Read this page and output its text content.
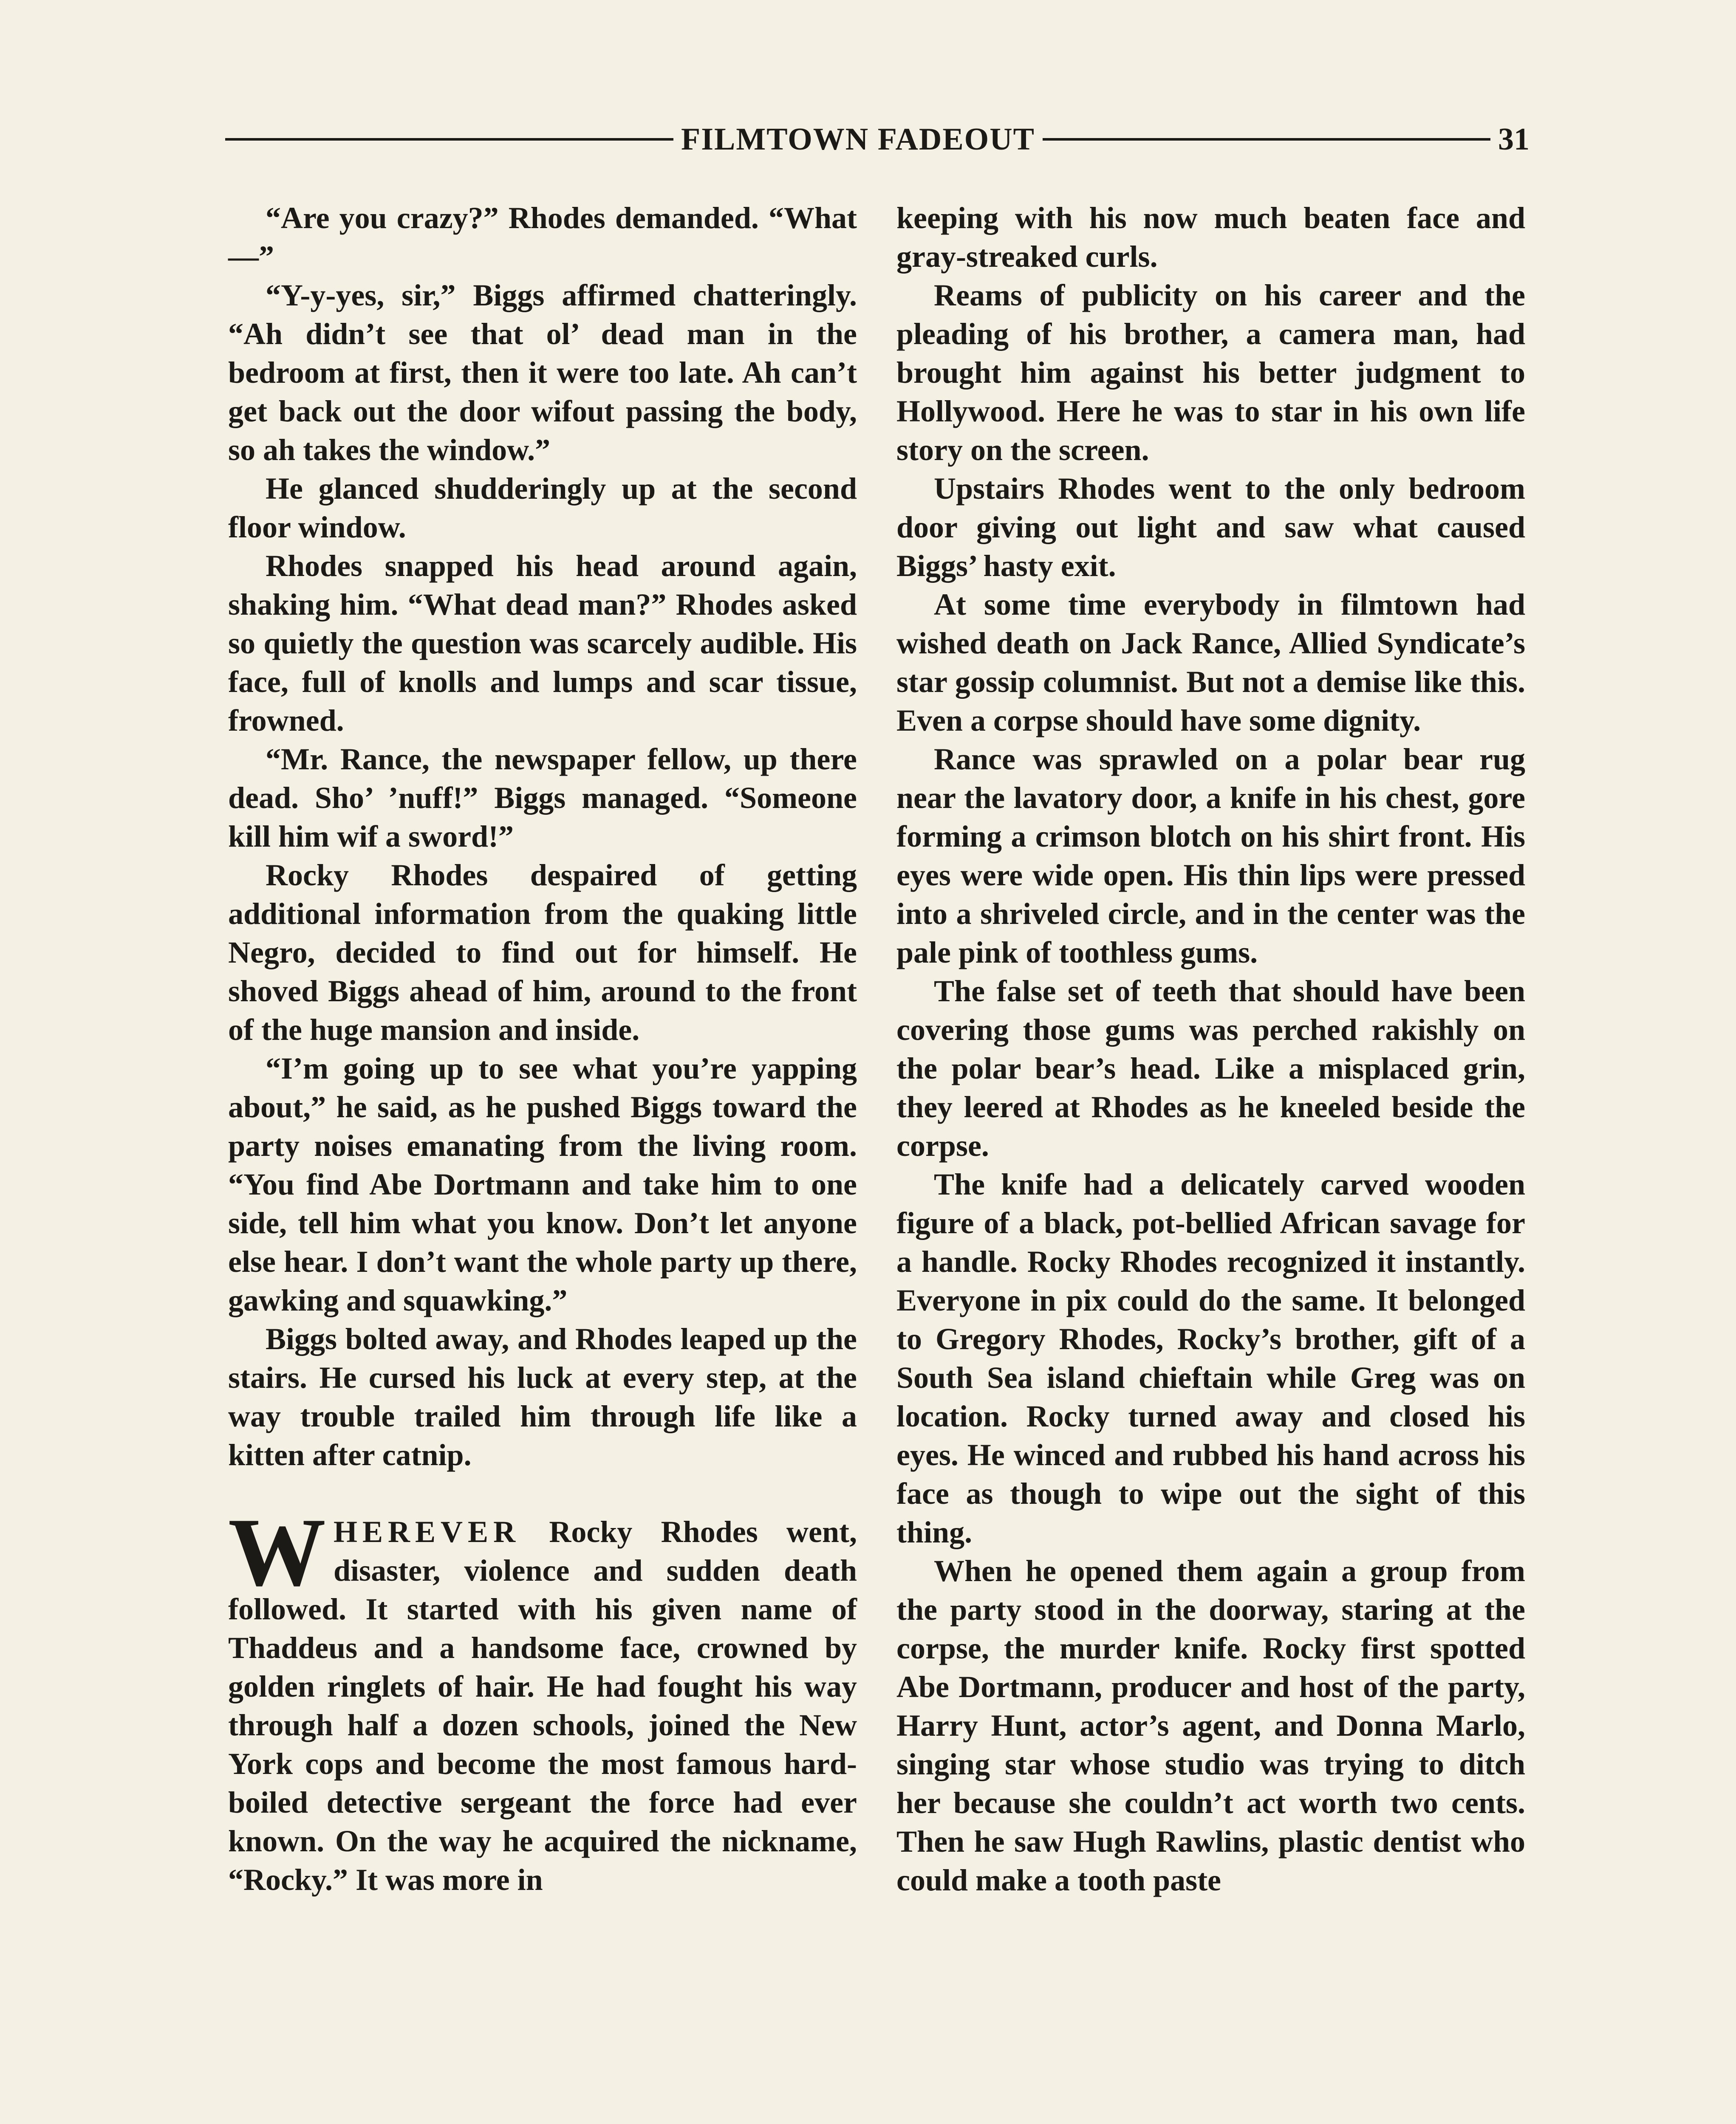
FILMTOWN FADEOUT	31

“Are you crazy?” Rhodes demanded. “What—”

“Y-y-yes, sir,” Biggs affirmed chatteringly. “Ah didn’t see that ol’ dead man in the bedroom at first, then it were too late. Ah can’t get back out the door wifout passing the body, so ah takes the window.”

He glanced shudderingly up at the second floor window.

Rhodes snapped his head around again, shaking him. “What dead man?” Rhodes asked so quietly the question was scarcely audible. His face, full of knolls and lumps and scar tissue, frowned.

“Mr. Rance, the newspaper fellow, up there dead. Sho’ ’nuff!” Biggs managed. “Someone kill him wif a sword!”

Rocky Rhodes despaired of getting additional information from the quaking little Negro, decided to find out for himself. He shoved Biggs ahead of him, around to the front of the huge mansion and inside.

“I’m going up to see what you’re yapping about,” he said, as he pushed Biggs toward the party noises emanating from the living room. “You find Abe Dortmann and take him to one side, tell him what you know. Don’t let anyone else hear. I don’t want the whole party up there, gawking and squawking.”

Biggs bolted away, and Rhodes leaped up the stairs. He cursed his luck at every step, at the way trouble trailed him through life like a kitten after catnip.

WHEREVER Rocky Rhodes went, disaster, violence and sudden death followed. It started with his given name of Thaddeus and a handsome face, crowned by golden ringlets of hair. He had fought his way through half a dozen schools, joined the New York cops and become the most famous hard-boiled detective sergeant the force had ever known. On the way he acquired the nickname, “Rocky.” It was more in

keeping with his now much beaten face and gray-streaked curls.

Reams of publicity on his career and the pleading of his brother, a camera man, had brought him against his better judgment to Hollywood. Here he was to star in his own life story on the screen.

Upstairs Rhodes went to the only bedroom door giving out light and saw what caused Biggs’ hasty exit.

At some time everybody in filmtown had wished death on Jack Rance, Allied Syndicate’s star gossip columnist. But not a demise like this. Even a corpse should have some dignity.

Rance was sprawled on a polar bear rug near the lavatory door, a knife in his chest, gore forming a crimson blotch on his shirt front. His eyes were wide open. His thin lips were pressed into a shriveled circle, and in the center was the pale pink of toothless gums.

The false set of teeth that should have been covering those gums was perched rakishly on the polar bear’s head. Like a misplaced grin, they leered at Rhodes as he kneeled beside the corpse.

The knife had a delicately carved wooden figure of a black, pot-bellied African savage for a handle. Rocky Rhodes recognized it instantly. Everyone in pix could do the same. It belonged to Gregory Rhodes, Rocky’s brother, gift of a South Sea island chieftain while Greg was on location. Rocky turned away and closed his eyes. He winced and rubbed his hand across his face as though to wipe out the sight of this thing.

When he opened them again a group from the party stood in the doorway, staring at the corpse, the murder knife. Rocky first spotted Abe Dortmann, producer and host of the party, Harry Hunt, actor’s agent, and Donna Marlo, singing star whose studio was trying to ditch her because she couldn’t act worth two cents. Then he saw Hugh Rawlins, plastic dentist who could make a tooth paste
